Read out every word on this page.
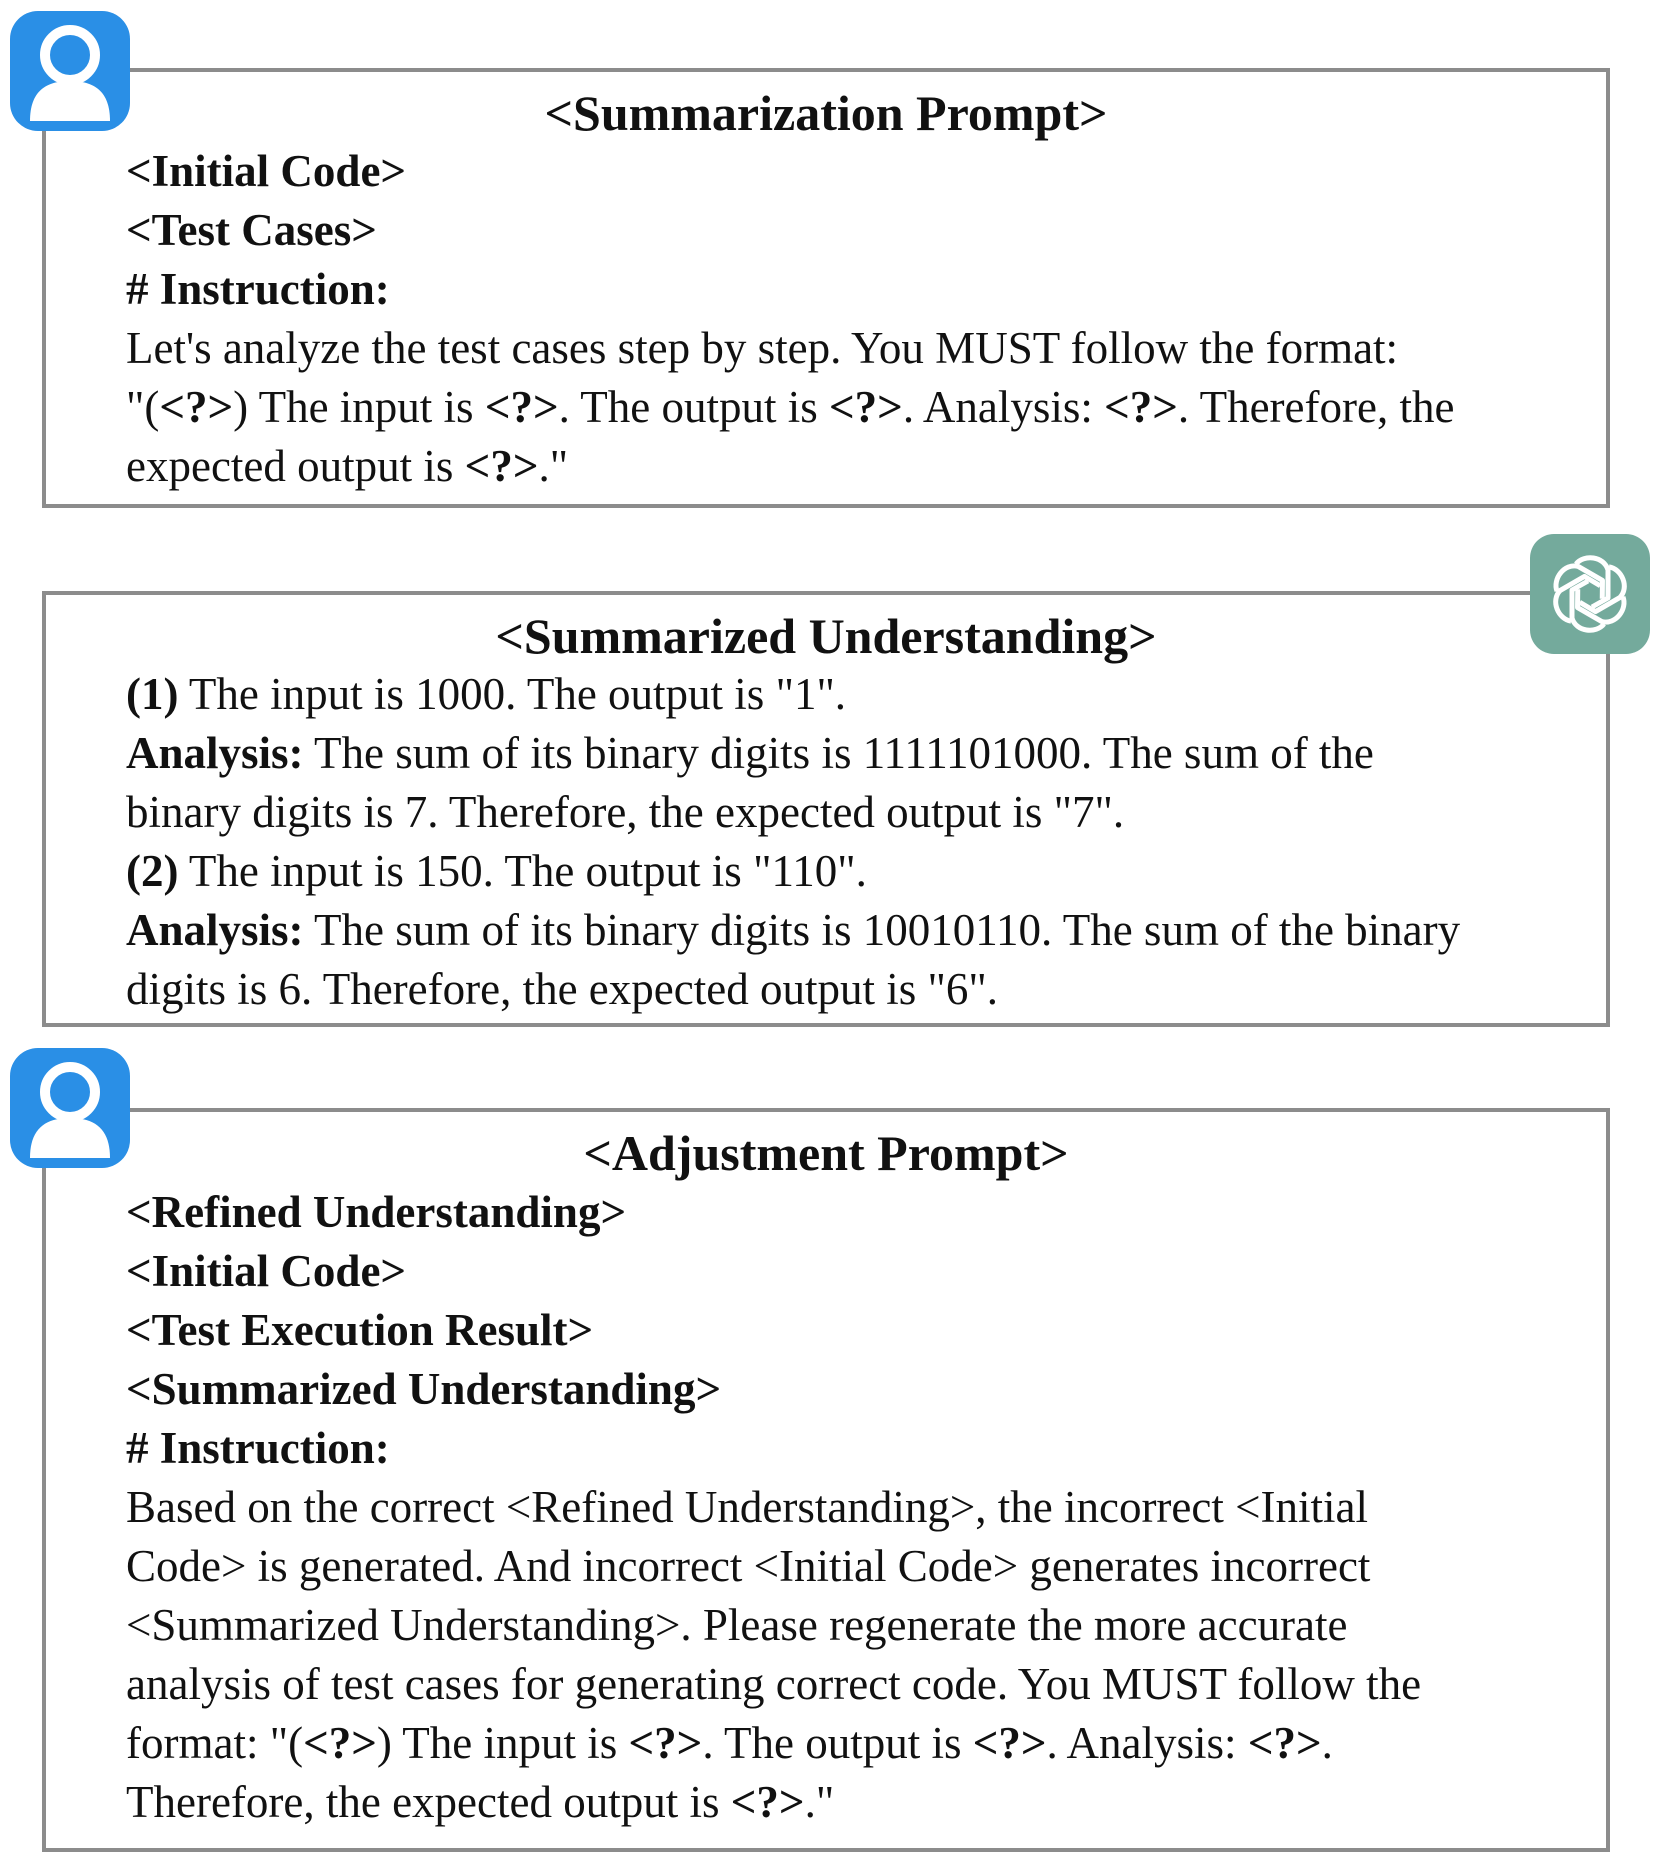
<Summarization Prompt>
<Initial Code>
<Test Cases>
# Instruction:
Let's analyze the test cases step by step. You MUST follow the format:
"(<?>) The input is <?>. The output is <?>. Analysis: <?>. Therefore, the
expected output is <?>."
<Summarized Understanding>
(1) The input is 1000. The output is "1".
Analysis: The sum of its binary digits is 1111101000. The sum of the
binary digits is 7. Therefore, the expected output is "7".
(2) The input is 150. The output is "110".
Analysis: The sum of its binary digits is 10010110. The sum of the binary
digits is 6. Therefore, the expected output is "6".
<Adjustment Prompt>
<Refined Understanding>
<Initial Code>
<Test Execution Result>
<Summarized Understanding>
# Instruction:
Based on the correct <Refined Understanding>, the incorrect <Initial
Code> is generated. And incorrect <Initial Code> generates incorrect
<Summarized Understanding>. Please regenerate the more accurate
analysis of test cases for generating correct code. You MUST follow the
format: "(<?>) The input is <?>. The output is <?>. Analysis: <?>.
Therefore, the expected output is <?>."
